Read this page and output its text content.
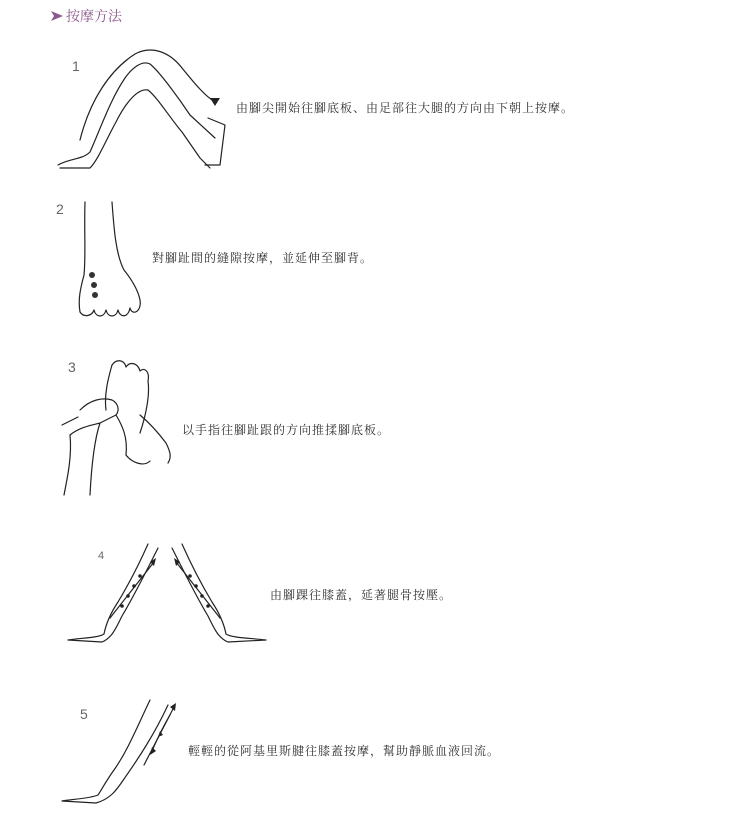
按摩方法
1
由腳尖開始往腳底板、由足部往大腿的方向由下朝上按摩。
2
對腳趾間的縫隙按摩，並延伸至腳背。
3
以手指往腳趾跟的方向推揉腳底板。
4
由腳踝往膝蓋，延著腿骨按壓。
5
輕輕的從阿基里斯腱往膝蓋按摩，幫助靜脈血液回流。
